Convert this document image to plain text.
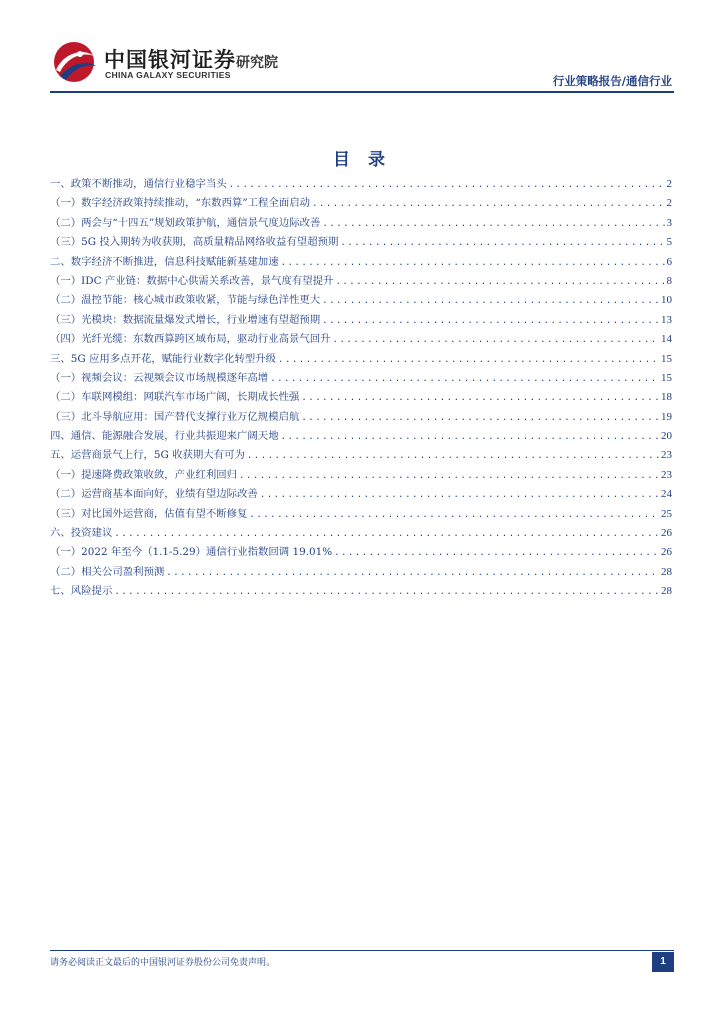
中国银河证券
CHINA GALAXY SECURITIES
研究院
行业策略报告/通信行业
目 录
一、政策不断推动，通信行业稳字当头 .....	2
（一）数字经济政策持续推动，“东数西算”工程全面启动 .....	2
（二）两会与“十四五”规划政策护航，通信景气度边际改善 .....	3
（三）5G 投入期转为收获期，高质量精品网络收益有望超预期 .....	5
二、数字经济不断推进，信息科技赋能新基建加速 .....	6
（一）IDC 产业链：数据中心供需关系改善，景气度有望提升 .....	8
（二）温控节能：核心城市政策收紧，节能与绿色洋性更大 .....	10
（三）光模块：数据流量爆发式增长，行业增速有望超预期 .....	13
（四）光纤光缆：东数西算跨区域布局，驱动行业高景气回升 .....	14
三、5G 应用多点开花，赋能行业数字化转型升级 .....	15
（一）视频会议：云视频会议市场规模逐年高增 .....	15
（二）车联网模组：网联汽车市场广阔，长期成长性强 .....	18
（三）北斗导航应用：国产替代支撑行业万亿规模启航 .....	19
四、通信、能源融合发展，行业共振迎来广阔天地 .....	20
五、运营商景气上行，5G 收获期大有可为 .....	23
（一）提速降费政策收敛，产业红利回归 .....	23
（二）运营商基本面向好，业绩有望边际改善 .....	24
（三）对比国外运营商，估值有望不断修复 .....	25
六、投资建议 .....	26
（一）2022 年至今（1.1-5.29）通信行业指数回调 19.01% .....	26
（二）相关公司盈利预测 .....	28
七、风险提示 .....	28
请务必阅读正文最后的中国银河证券股份公司免责声明。	1
